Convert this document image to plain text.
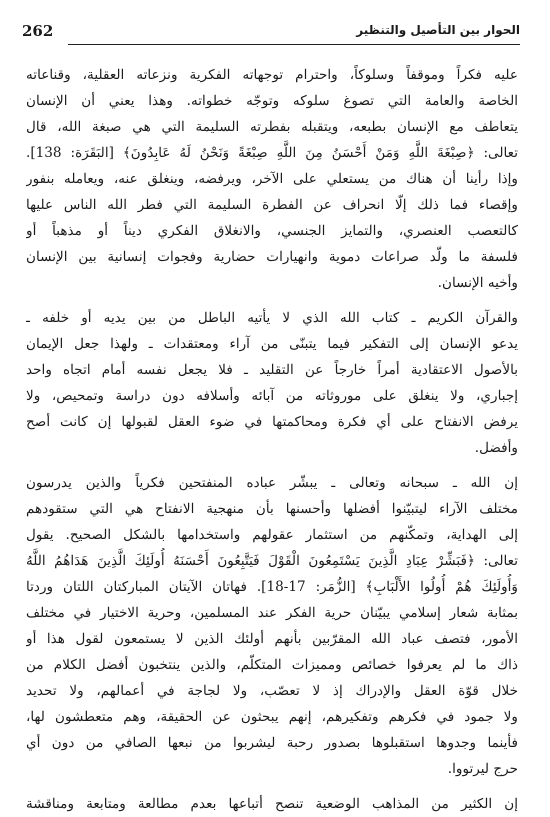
262	الحوار بين التأصيل والتنظير
عليه فكراً وموقفاً وسلوكاً، واحترام توجهاته الفكرية ونزعاته العقلية، وقناعاته
الخاصة والعامة التي تصوغ سلوكه وتوجّه خطواته. وهذا يعني أن الإنسان
يتعاطف مع الإنسان بطبعه، ويتقبله بفطرته السليمة التي هي صبغة الله، قال
تعالى: ﴿صِبْغَةَ اللَّهِ وَمَنْ أَحْسَنُ مِنَ اللَّهِ صِبْغَةً وَنَحْنُ لَهُ عَابِدُونَ﴾ [البَقَرَة: 138].
وإذا رأينا أن هناك من يستعلي على الآخر، ويرفضه، وينغلق عنه، ويعامله بنفور
وإقصاء فما ذلك إلّا انحراف عن الفطرة السليمة التي فطر الله الناس عليها
كالتعصب العنصري، والتمايز الجنسي، والانغلاق الفكري ديناً أو مذهباً أو
فلسفة ما ولّد صراعات دموية وانهيارات حضارية وفجوات إنسانية بين الإنسان
وأخيه الإنسان.
والقرآن الكريم ـ كتاب الله الذي لا يأتيه الباطل من بين يديه أو خلفه ـ
يدعو الإنسان إلى التفكير فيما يتبنّى من آراء ومعتقدات ـ ولهذا جعل الإيمان
بالأصول الاعتقادية أمراً خارجاً عن التقليد ـ فلا يجعل نفسه أمام اتجاه واحد
إجباري، ولا ينغلق على موروثاته من آبائه وأسلافه دون دراسة وتمحيص، ولا
يرفض الانفتاح على أي فكرة ومحاكمتها في ضوء العقل لقبولها إن كانت أصح
وأفضل.
إن الله ـ سبحانه وتعالى ـ يبشّر عباده المنفتحين فكرياً والذين يدرسون
مختلف الآراء ليتبيّنوا أفضلها وأحسنها بأن منهجية الانفتاح هي التي ستقودهم
إلى الهداية، وتمكّنهم من استثمار عقولهم واستخدامها بالشكل الصحيح. يقول
تعالى: ﴿فَبَشِّرْ عِبَادِ الَّذِينَ يَسْتَمِعُونَ الْقَوْلَ فَيَتَّبِعُونَ أَحْسَنَهُ أُولَئِكَ الَّذِينَ هَدَاهُمُ اللَّهُ
وَأُولَئِكَ هُمْ أُولُوا الأَلْبَابِ﴾ [الزُّمَر: 17-18]. فهاتان الآيتان المباركتان اللتان وردتا
بمثابة شعار إسلامي يبيّنان حرية الفكر عند المسلمين، وحرية الاختيار في مختلف
الأمور، فتصف عباد الله المقرّبين بأنهم أولئك الذين لا يستمعون لقول هذا أو
ذاك ما لم يعرفوا خصائص ومميزات المتكلّم، والذين ينتخبون أفضل الكلام من
خلال قوّة العقل والإدراك إذ لا تعصّب، ولا لجاجة في أعمالهم، ولا تحديد
ولا جمود في فكرهم وتفكيرهم، إنهم يبحثون عن الحقيقة، وهم متعطشون لها،
فأينما وجدوها استقبلوها بصدور رحبة ليشربوا من نبعها الصافي من دون أي
حرج ليرتووا.
إن الكثير من المذاهب الوضعية تنصح أتباعها بعدم مطالعة ومتابعة ومناقشة
